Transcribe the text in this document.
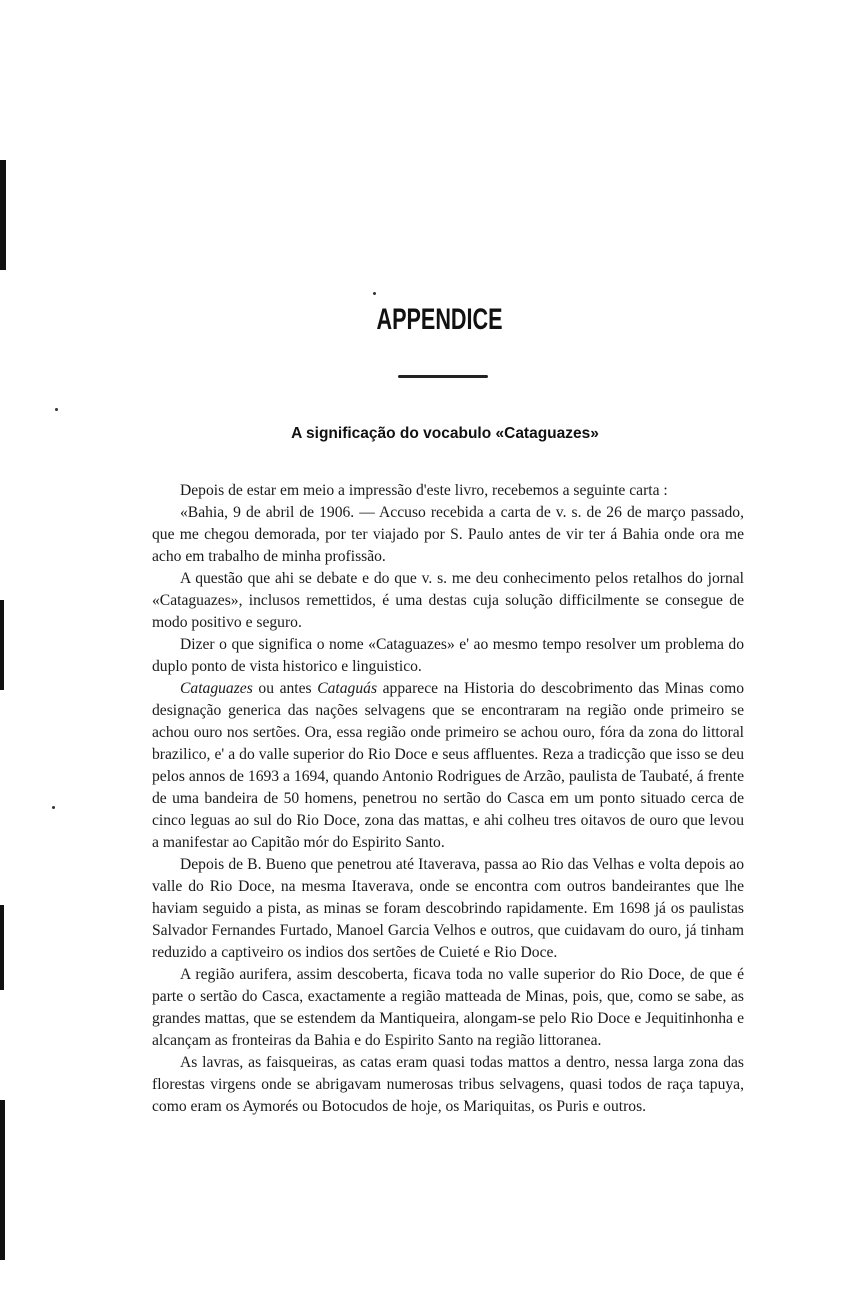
APPENDICE
A significação do vocabulo «Cataguazes»

Depois de estar em meio a impressão d'este livro, recebemos a seguinte carta :

«Bahia, 9 de abril de 1906. — Accuso recebida a carta de v. s. de 26 de março passado, que me chegou demorada, por ter viajado por S. Paulo antes de vir ter á Bahia onde ora me acho em trabalho de minha profissão.

A questão que ahi se debate e do que v. s. me deu conhecimento pelos retalhos do jornal «Cataguazes», inclusos remettidos, é uma destas cuja solução difficilmente se consegue de modo positivo e seguro.

Dizer o que significa o nome «Cataguazes» e' ao mesmo tempo resolver um problema do duplo ponto de vista historico e linguistico.

Cataguazes ou antes Cataguás apparece na Historia do descobrimento das Minas como designação generica das nações selvagens que se encontraram na região onde primeiro se achou ouro nos sertões. Ora, essa região onde primeiro se achou ouro, fóra da zona do littoral brazilico, e' a do valle superior do Rio Doce e seus affluentes. Reza a tradicção que isso se deu pelos annos de 1693 a 1694, quando Antonio Rodrigues de Arzão, paulista de Taubaté, á frente de uma bandeira de 50 homens, penetrou no sertão do Casca em um ponto situado cerca de cinco leguas ao sul do Rio Doce, zona das mattas, e ahi colheu tres oitavos de ouro que levou a manifestar ao Capitão mór do Espirito Santo.

Depois de B. Bueno que penetrou até Itaverava, passa ao Rio das Velhas e volta depois ao valle do Rio Doce, na mesma Itaverava, onde se encontra com outros bandeirantes que lhe haviam seguido a pista, as minas se foram descobrindo rapidamente. Em 1698 já os paulistas Salvador Fernandes Furtado, Manoel Garcia Velhos e outros, que cuidavam do ouro, já tinham reduzido a captiveiro os indios dos sertões de Cuieté e Rio Doce.

A região aurifera, assim descoberta, ficava toda no valle superior do Rio Doce, de que é parte o sertão do Casca, exactamente a região matteada de Minas, pois, que, como se sabe, as grandes mattas, que se estendem da Mantiqueira, alongam-se pelo Rio Doce e Jequitinhonha e alcançam as fronteiras da Bahia e do Espirito Santo na região littoranea.

As lavras, as faisqueiras, as catas eram quasi todas mattos a dentro, nessa larga zona das florestas virgens onde se abrigavam numerosas tribus selvagens, quasi todos de raça tapuya, como eram os Aymorés ou Botocudos de hoje, os Mariquitas, os Puris e outros.
